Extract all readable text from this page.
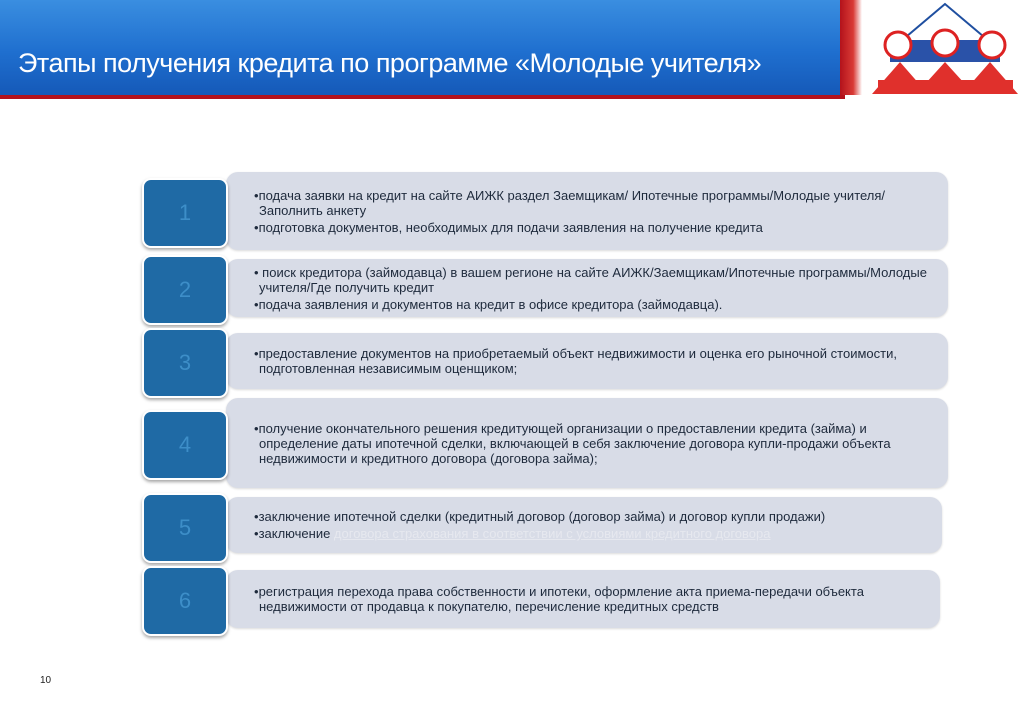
Этапы получения кредита по программе «Молодые учителя»
• подача заявки на кредит на сайте АИЖК раздел Заемщикам/ Ипотечные программы/Молодые учителя/Заполнить анкету
• подготовка документов, необходимых для подачи заявления на получение кредита
1
• поиск кредитора (займодавца) в вашем регионе на сайте АИЖК/Заемщикам/Ипотечные программы/Молодые учителя/Где получить кредит
• подача заявления и документов на кредит в офисе кредитора (займодавца).
2
• предоставление документов на приобретаемый объект недвижимости и оценка его рыночной стоимости, подготовленная независимым оценщиком;
3
• получение окончательного решения кредитующей организации о предоставлении кредита (займа) и определение даты ипотечной сделки, включающей в себя заключение договора купли-продажи объекта недвижимости и кредитного договора (договора займа);
4
• заключение ипотечной сделки (кредитный договор (договор займа) и договор купли продажи)
• заключение договора страхования в соответствии с условиями кредитного договора
5
• регистрация перехода права собственности и ипотеки, оформление акта приема-передачи объекта недвижимости от продавца к покупателю, перечисление кредитных средств
6
10
